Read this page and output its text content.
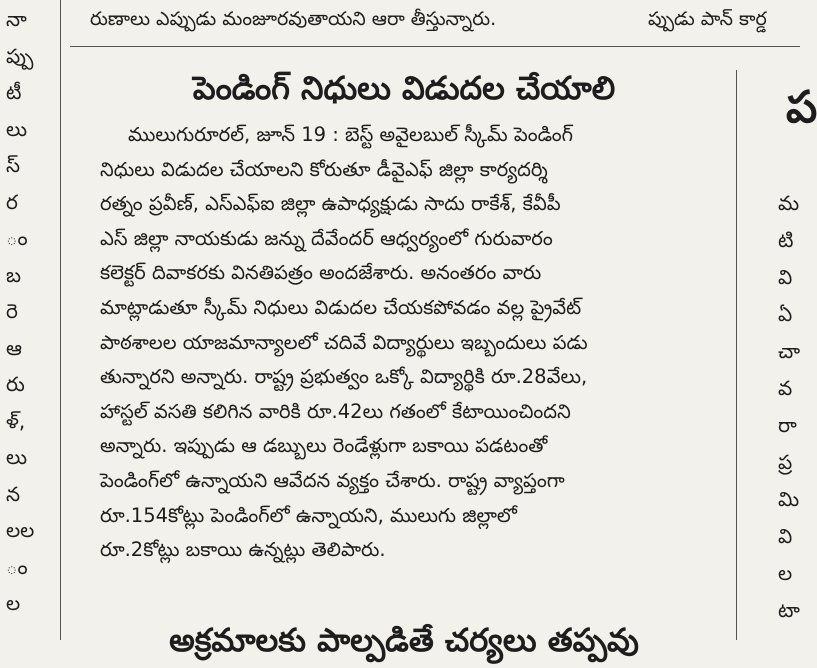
నా
ప్పు
టీ
లు
స్
ర
ం
బ
రె
ఆ
రు
ళ్,
లు
న
లల
ం
ల
రుణాలు ఎప్పుడు మంజూరవుతాయని ఆరా తీస్తున్నారు.	ప్పుడు పాన్ కార్డ
పెండింగ్ నిధులు విడుదల చేయాలి
ములుగురూరల్, జూన్ 19 : బెస్ట్ అవైలబుల్ స్కీమ్ పెండింగ్
నిధులు విడుదల చేయాలని కోరుతూ డీవైఎఫ్ జిల్లా కార్యదర్శి
రత్నం ప్రవీణ్, ఎస్ఎఫ్ఐ జిల్లా ఉపాధ్యక్షుడు సాదు రాకేశ్, కేవీపీ
ఎస్ జిల్లా నాయకుడు జన్ను దేవేందర్ ఆధ్వర్యంలో గురువారం
కలెక్టర్ దివాకరకు వినతిపత్రం అందజేశారు. అనంతరం వారు
మాట్లాడుతూ స్కీమ్ నిధులు విడుదల చేయకపోవడం వల్ల ప్రైవేట్
పాఠశాలల యాజమాన్యాలలో చదివే విద్యార్థులు ఇబ్బందులు పడు
తున్నారని అన్నారు. రాష్ట్ర ప్రభుత్వం ఒక్కో విద్యార్థికి రూ.28వేలు,
హాస్టల్ వసతి కలిగిన వారికి రూ.42లు గతంలో కేటాయించిందని
అన్నారు. ఇప్పుడు ఆ డబ్బులు రెండేళ్లుగా బకాయి పడటంతో
పెండింగ్‌లో ఉన్నాయని ఆవేదన వ్యక్తం చేశారు. రాష్ట్ర వ్యాప్తంగా
రూ.154కోట్లు పెండింగ్‌లో ఉన్నాయని, ములుగు జిల్లాలో
రూ.2కోట్లు బకాయి ఉన్నట్లు తెలిపారు.
అక్రమాలకు పాల్పడితే చర్యలు తప్పవు
ప
మ
టి
వి
ఏ
చా
వ
రా
ప్ర
మి
వి
ల
టా
